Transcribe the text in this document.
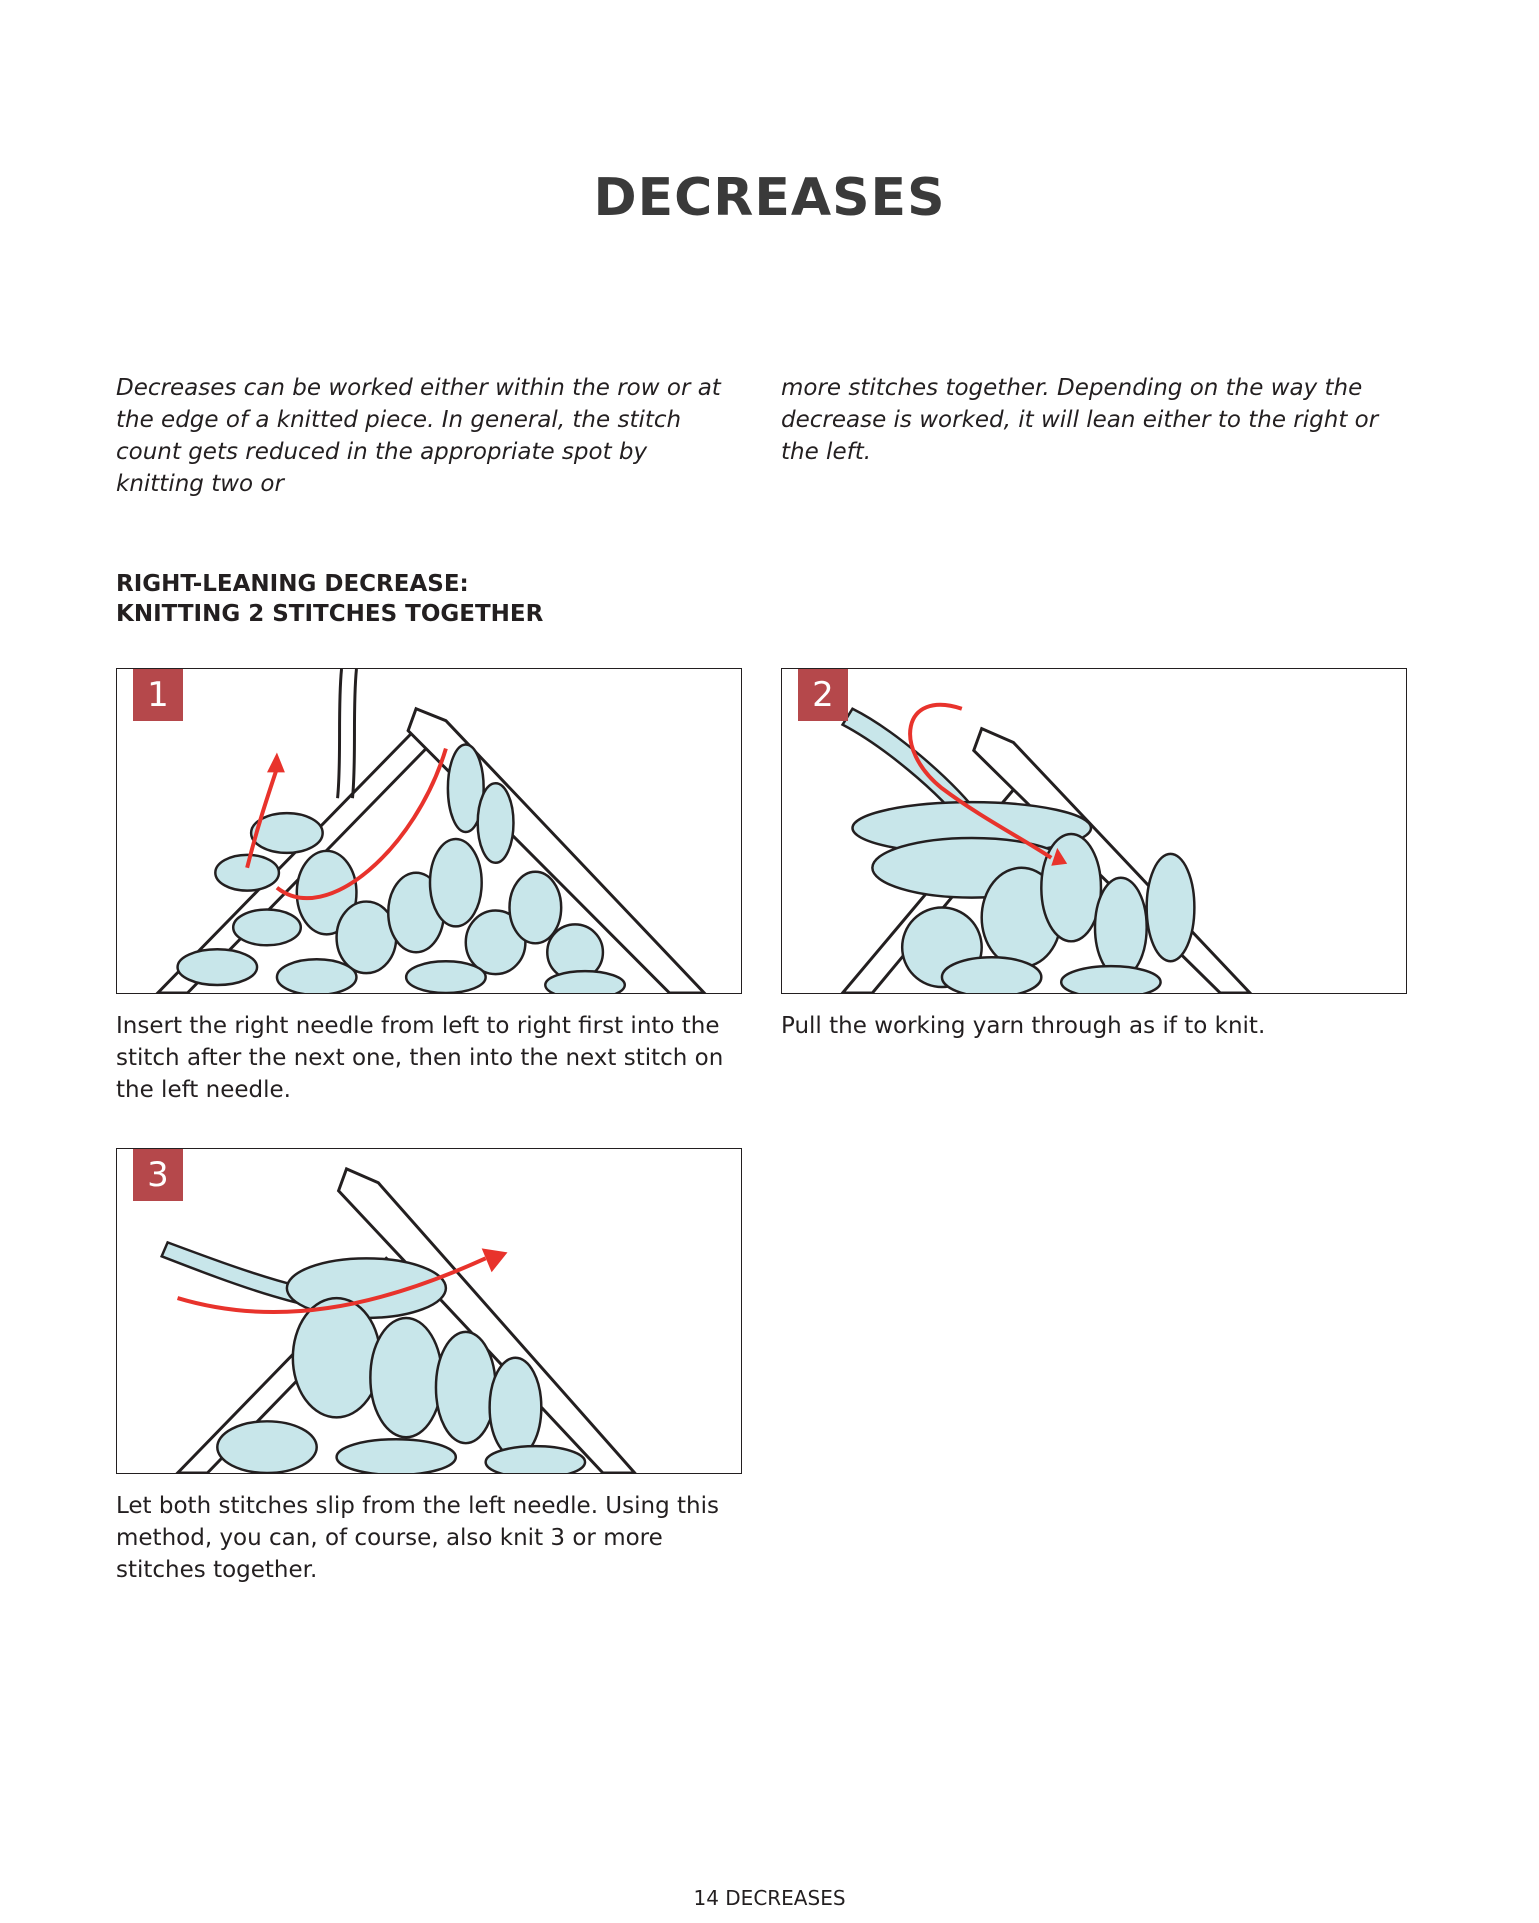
DECREASES

Decreases can be worked either within the row or at the edge of a knitted piece. In general, the stitch count gets reduced in the appropriate spot by knitting two or

more stitches together. Depending on the way the decrease is worked, it will lean either to the right or the left.

RIGHT-LEANING DECREASE:
KNITTING 2 STITCHES TOGETHER
1

Insert the right needle from left to right first into the stitch after the next one, then into the next stitch on the left needle.

2

Pull the working yarn through as if to knit.

3

Let both stitches slip from the left needle. Using this method, you can, of course, also knit 3 or more stitches together.

14 DECREASES
